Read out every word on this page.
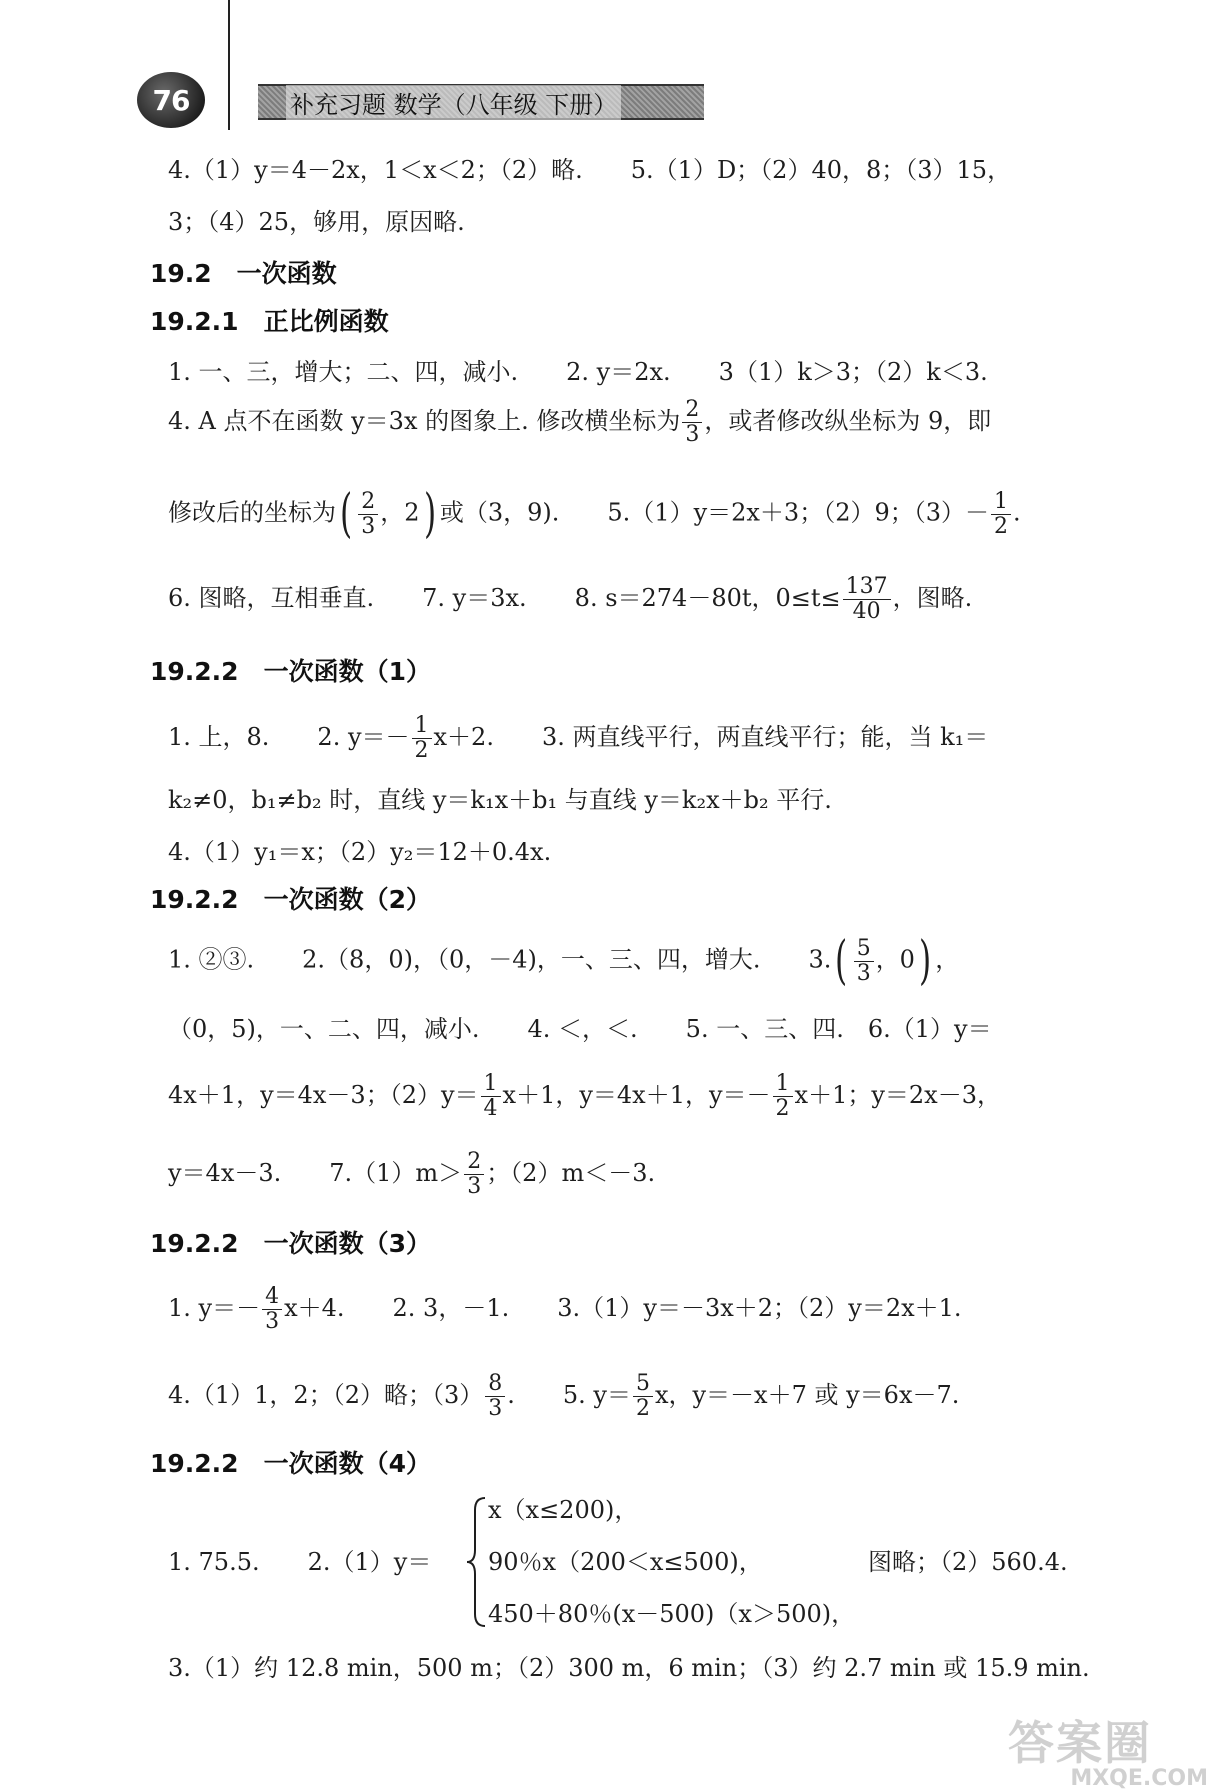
76	补充习题 数学（八年级 下册）
4.（1）y＝4－2x，1＜x＜2；（2）略.　　5.（1）D；（2）40，8；（3）15，
3；（4）25，够用，原因略.
19.2　一次函数
19.2.1　正比例函数
1. 一、三，增大；二、四，减小.　　2. y＝2x.　　3（1）k＞3；（2）k＜3.
4. A 点不在函数 y＝3x 的图象上. 修改横坐标为 $\frac{2}{3}$ ，或者修改纵坐标为 9，即
修改后的坐标为( $\frac{2}{3}$ ，2) 或（3，9).　　5.（1）y＝2x＋3；（2）9；$(3)- \frac{1}{2}$ .
6. 图略，互相垂直.　　7. y＝3x.　　8. s＝274－80t，$0\le t\le \frac{137}{40}$ ，图略.
19.2.2　一次函数（1）
1. 上，8.　　2. $y=- \frac{1}{2} x+2$.　　3. 两直线平行，两直线平行；能，当 k₁＝
k₂≠0，b₁≠b₂ 时，直线 y＝k₁x＋b₁ 与直线 y＝k₂x＋b₂ 平行.
4.（1）y₁＝x；（2）y₂＝12＋0.4x.
19.2.2　一次函数（2）
1. ②③.　　2.（8，0)，（0，－4)，一、三、四，增大.　　$3.( \frac{5}{3}$ ，0) ，
（0，5)，一、二、四，减小.　　4. ＜，＜.　　5. 一、三、四.　6.（1）y＝
4x＋1，y＝4x－3；$(2)y= \frac{1}{4} x+1$，y＝4x＋1，$y=- \frac{1}{2} x+1$；y＝2x－3，
y＝4x－3.　　$7.(1)m> \frac{2}{3}$ ；（2）m＜－3.
19.2.2　一次函数（3）
1. $y=- \frac{4}{3} x+4$.　　2. 3，－1.　　3.（1）y＝－3x＋2；（2）y＝2x＋1.
4.（1）1，2；（2）略；$(3) \frac{8}{3}$ .　　5. $y= \frac{5}{2}$ x，y＝－x＋7 或 y＝6x－7.
19.2.2　一次函数（4）
x（x≤200)，
90％x（200＜x≤500)，
450＋80％(x－500)（x＞500)，
1. 75.5.　　2.（1）y＝	图略；（2）560.4.
3.（1）约 12.8 min，500 m；（2）300 m，6 min；（3）约 2.7 min 或 15.9 min.
答案圈
MXQE.COM
